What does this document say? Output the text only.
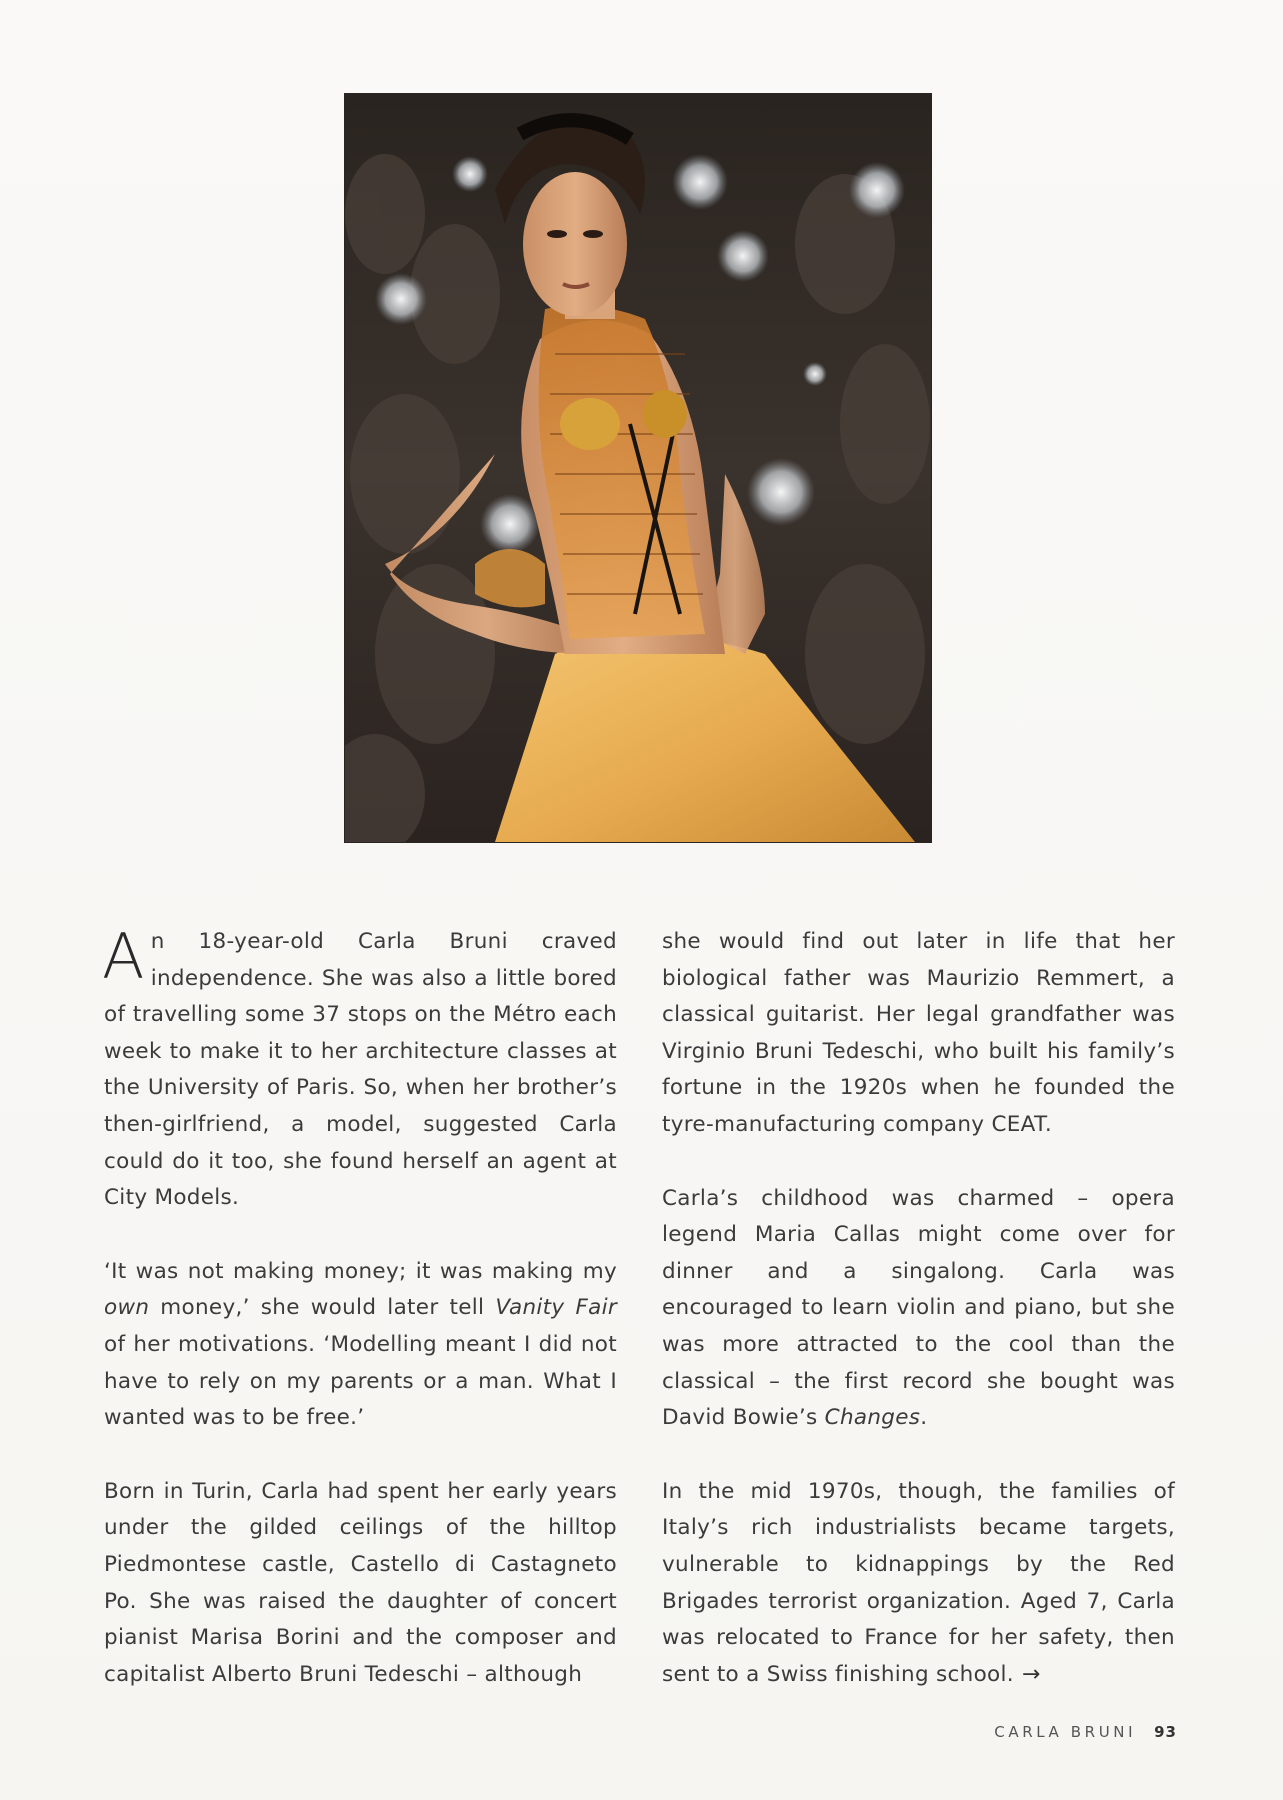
An 18-year-old Carla Bruni craved independence. She was also a little bored of travelling some 37 stops on the Métro each week to make it to her architecture classes at the University of Paris. So, when her brother’s then-girlfriend, a model, suggested Carla could do it too, she found herself an agent at City Models.

‘It was not making money; it was making my own money,’ she would later tell Vanity Fair of her motivations. ‘Modelling meant I did not have to rely on my parents or a man. What I wanted was to be free.’

Born in Turin, Carla had spent her early years under the gilded ceilings of the hilltop Piedmontese castle, Castello di Castagneto Po. She was raised the daughter of concert pianist Marisa Borini and the composer and capitalist Alberto Bruni Tedeschi – although

she would find out later in life that her biological father was Maurizio Remmert, a classical guitarist. Her legal grandfather was Virginio Bruni Tedeschi, who built his family’s fortune in the 1920s when he founded the tyre-manufacturing company CEAT.

Carla’s childhood was charmed – opera legend Maria Callas might come over for dinner and a singalong. Carla was encouraged to learn violin and piano, but she was more attracted to the cool than the classical – the first record she bought was David Bowie’s Changes.

In the mid 1970s, though, the families of Italy’s rich industrialists became targets, vulnerable to kidnappings by the Red Brigades terrorist organization. Aged 7, Carla was relocated to France for her safety, then sent to a Swiss finishing school. →

CARLA BRUNI 93
